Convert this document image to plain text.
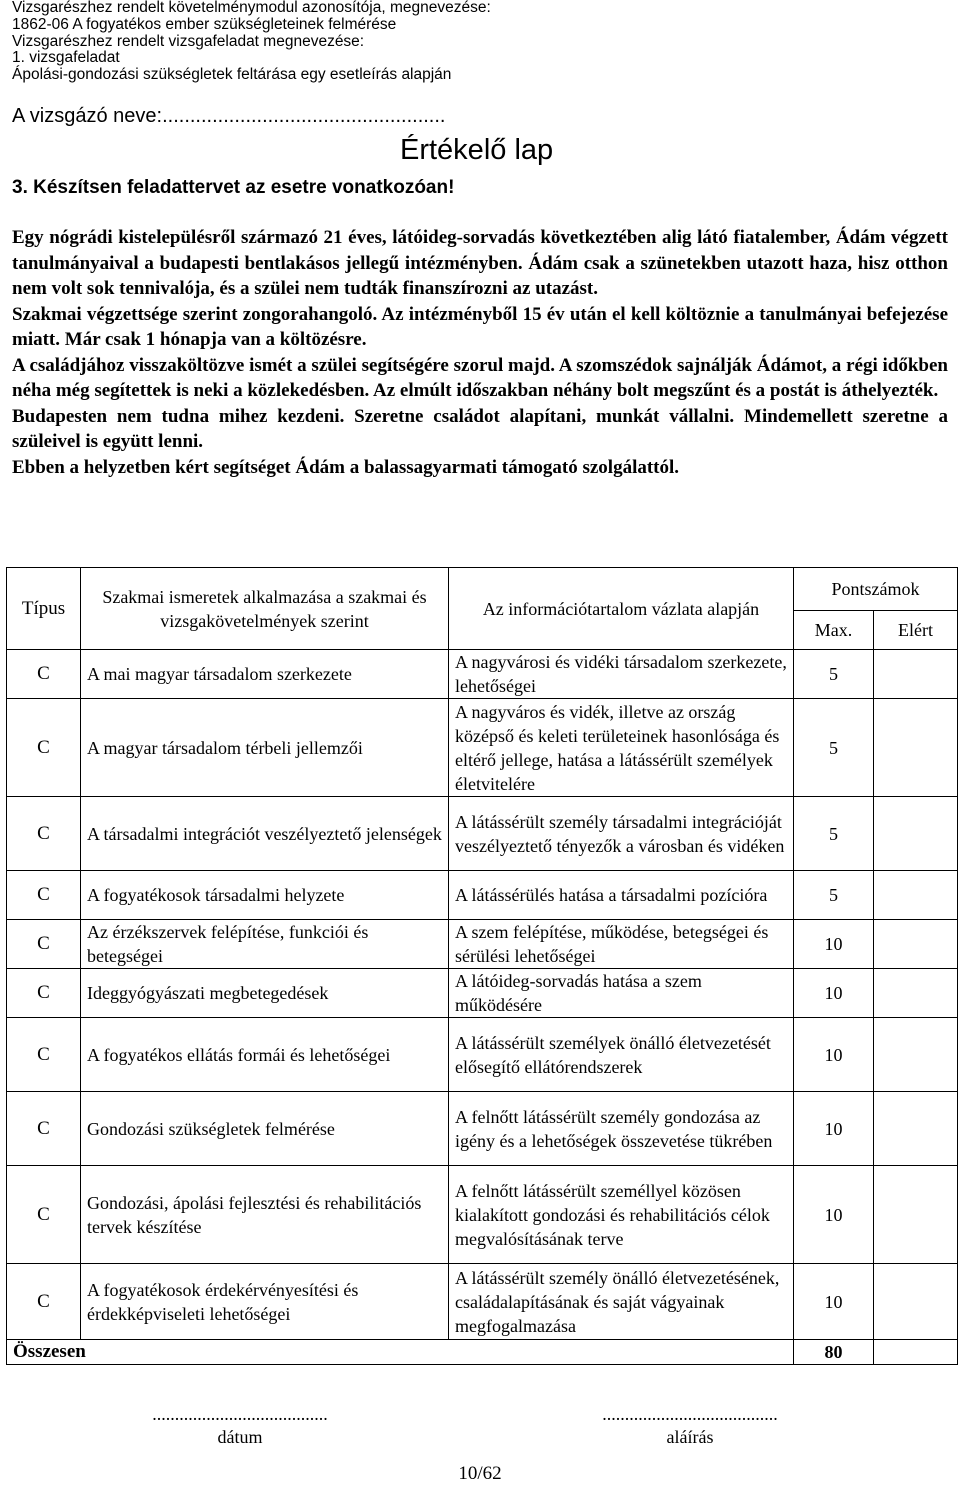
Vizsgarészhez rendelt követelménymodul azonosítója, megnevezése:
1862-06 A fogyatékos ember szükségleteinek felmérése
Vizsgarészhez rendelt vizsgafeladat megnevezése:
1. vizsgafeladat
Ápolási-gondozási szükségletek feltárása egy esetleírás alapján
A vizsgázó neve:...................................................
Értékelő lap
3. Készítsen feladattervet az esetre vonatkozóan!

Egy nógrádi kistelepülésről származó 21 éves, látóideg-sorvadás következtében alig látó fiatalember, Ádám végzett tanulmányaival a budapesti bentlakásos jellegű intézményben. Ádám csak a szünetekben utazott haza, hisz otthon nem volt sok tennivalója, és a szülei nem tudták finanszírozni az utazást.

Szakmai végzettsége szerint zongorahangoló. Az intézményből 15 év után el kell költöznie a tanulmányai befejezése miatt. Már csak 1 hónapja van a költözésre.

A családjához visszaköltözve ismét a szülei segítségére szorul majd. A szomszédok sajnálják Ádámot, a régi időkben néha még segítettek is neki a közlekedésben. Az elmúlt időszakban néhány bolt megszűnt és a postát is áthelyezték.

Budapesten nem tudna mihez kezdeni. Szeretne családot alapítani, munkát vállalni. Mindemellett szeretne a szüleivel is együtt lenni.

Ebben a helyzetben kért segítséget Ádám a balassagyarmati támogató szolgálattól.

Típus	Szakmai ismeretek alkalmazása a szakmai és vizsgakövetelmények szerint	Az információtartalom vázlata alapján	Pontszámok	
			Max.	Elért
C	A mai magyar társadalom szerkezete	A nagyvárosi és vidéki társadalom szerkezete, lehetőségei	5	
C	A magyar társadalom térbeli jellemzői	A nagyváros és vidék, illetve az ország középső és keleti területeinek hasonlósága és eltérő jellege, hatása a látássérült személyek életvitelére	5	
C	A társadalmi integrációt veszélyeztető jelenségek	A látássérült személy társadalmi integrációját veszélyeztető tényezők a városban és vidéken	5	
C	A fogyatékosok társadalmi helyzete	A látássérülés hatása a társadalmi pozícióra	5	
C	Az érzékszervek felépítése, funkciói és betegségei	A szem felépítése, működése, betegségei és sérülési lehetőségei	10	
C	Ideggyógyászati megbetegedések	A látóideg-sorvadás hatása a szem működésére	10	
C	A fogyatékos ellátás formái és lehetőségei	A látássérült személyek önálló életvezetését elősegítő ellátórendszerek	10	
C	Gondozási szükségletek felmérése	A felnőtt látássérült személy gondozása az igény és a lehetőségek összevetése tükrében	10	
C	Gondozási, ápolási fejlesztési és rehabilitációs tervek készítése	A felnőtt látássérült személlyel közösen kialakított gondozási és rehabilitációs célok megvalósításának terve	10	
C	A fogyatékosok érdekérvényesítési és érdekképviseleti lehetőségei	A látássérült személy önálló életvezetésének, családalapításának és saját vágyainak megfogalmazása	10	
Összesen			80	
.......................................
dátum
.......................................
aláírás
10/62
